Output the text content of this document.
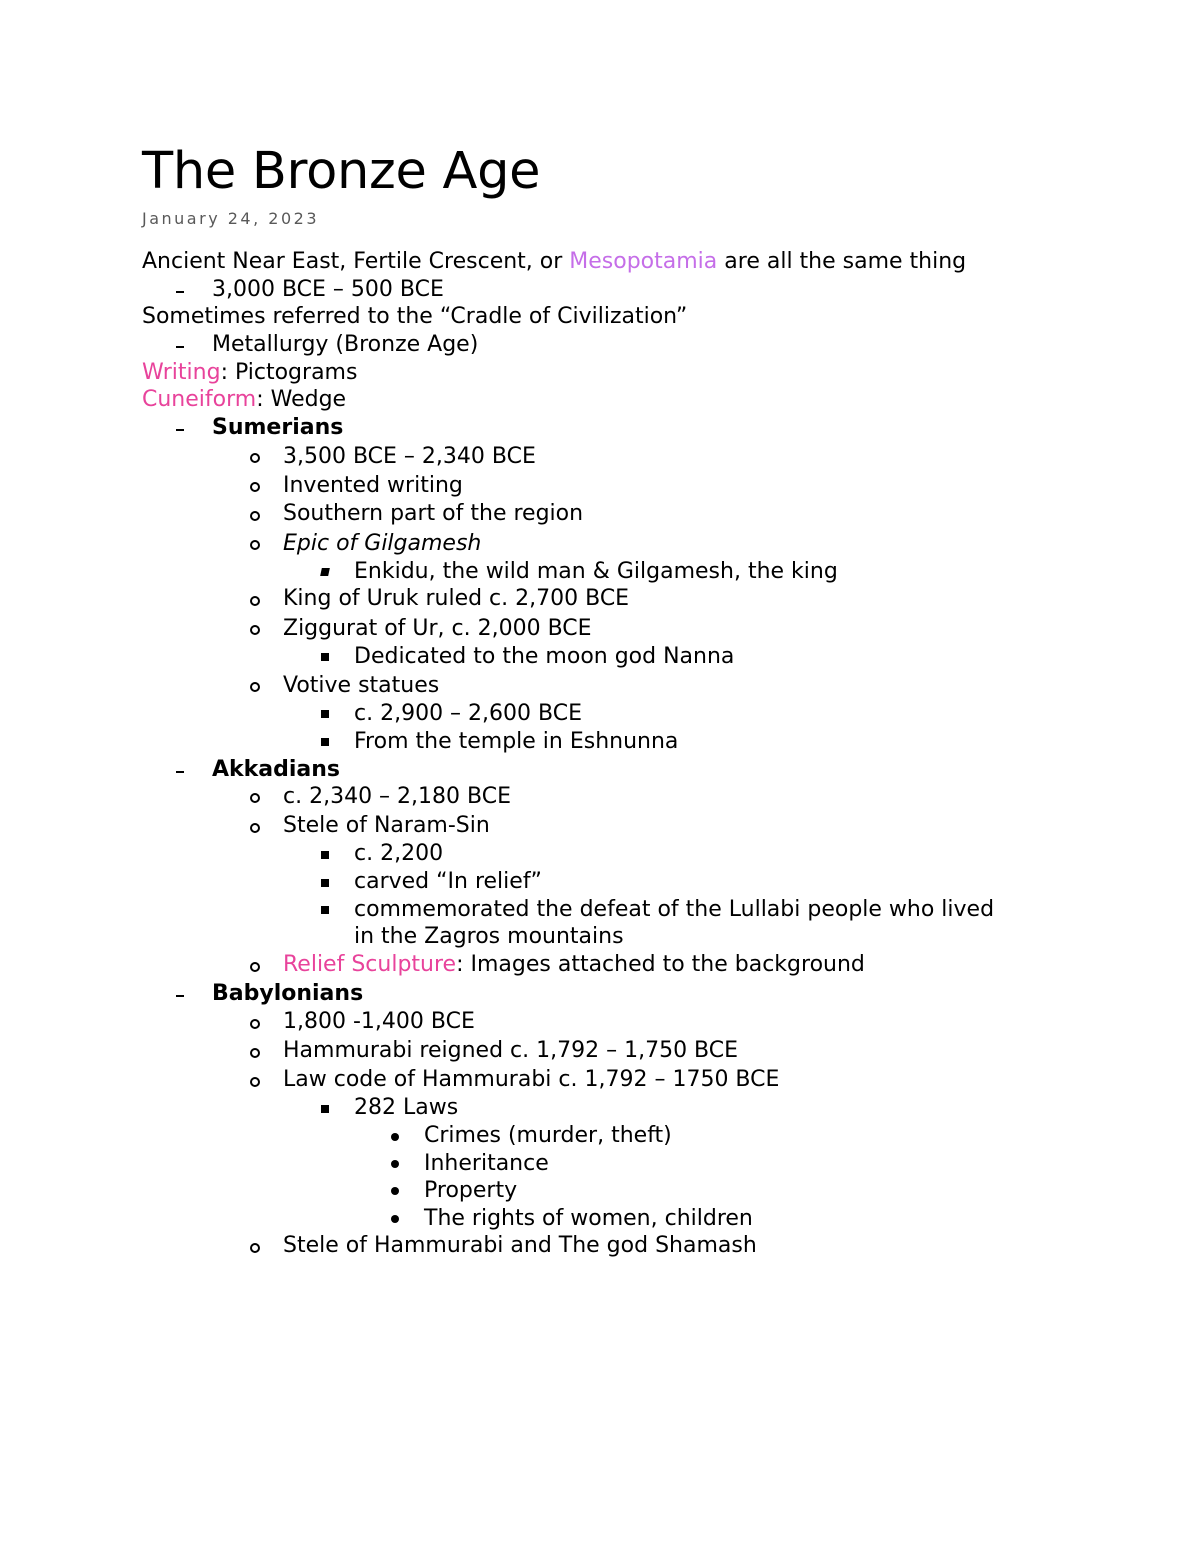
The Bronze Age
January 24, 2023
Ancient Near East, Fertile Crescent, or Mesopotamia are all the same thing
3,000 BCE – 500 BCE
Sometimes referred to the “Cradle of Civilization”
Metallurgy (Bronze Age)
Writing: Pictograms
Cuneiform: Wedge
Sumerians
3,500 BCE – 2,340 BCE
Invented writing
Southern part of the region
Epic of Gilgamesh
Enkidu, the wild man & Gilgamesh, the king
King of Uruk ruled c. 2,700 BCE
Ziggurat of Ur, c. 2,000 BCE
Dedicated to the moon god Nanna
Votive statues
c. 2,900 – 2,600 BCE
From the temple in Eshnunna
Akkadians
c. 2,340 – 2,180 BCE
Stele of Naram-Sin
c. 2,200
carved “In relief”
commemorated the defeat of the Lullabi people who lived
in the Zagros mountains
Relief Sculpture: Images attached to the background
Babylonians
1,800 -1,400 BCE
Hammurabi reigned c. 1,792 – 1,750 BCE
Law code of Hammurabi c. 1,792 – 1750 BCE
282 Laws
Crimes (murder, theft)
Inheritance
Property
The rights of women, children
Stele of Hammurabi and The god Shamash
